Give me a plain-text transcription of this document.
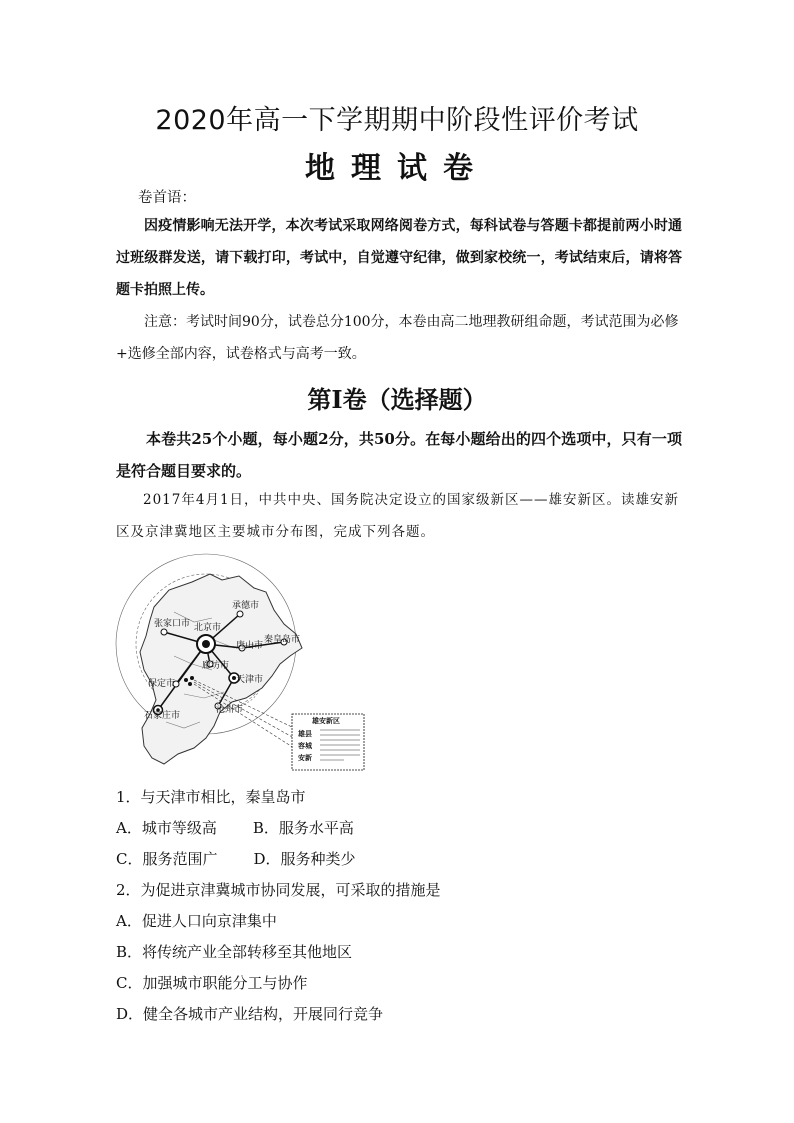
2020年高一下学期期中阶段性评价考试
地理试卷
卷首语：
因疫情影响无法开学，本次考试采取网络阅卷方式，每科试卷与答题卡都提前两小时通过班级群发送，请下载打印，考试中，自觉遵守纪律，做到家校统一，考试结束后，请将答题卡拍照上传。
注意：考试时间90分，试卷总分100分，本卷由高二地理教研组命题，考试范围为必修+选修全部内容，试卷格式与高考一致。
第Ⅰ卷（选择题）
本卷共25个小题，每小题2分，共50分。在每小题给出的四个选项中，只有一项是符合题目要求的。
2017年4月1日，中共中央、国务院决定设立的国家级新区——雄安新区。读雄安新区及京津冀地区主要城市分布图，完成下列各题。
承德市
张家口市 北京市
唐山市
秦皇岛市
廊坊市
天津市
保定市
沧州市
石家庄市	雄安新区
雄县
容城
安新
1．与天津市相比，秦皇岛市
A．城市等级高 B．服务水平高
C．服务范围广 D．服务种类少
2．为促进京津冀城市协同发展，可采取的措施是
A．促进人口向京津集中
B．将传统产业全部转移至其他地区
C．加强城市职能分工与协作
D．健全各城市产业结构，开展同行竞争
